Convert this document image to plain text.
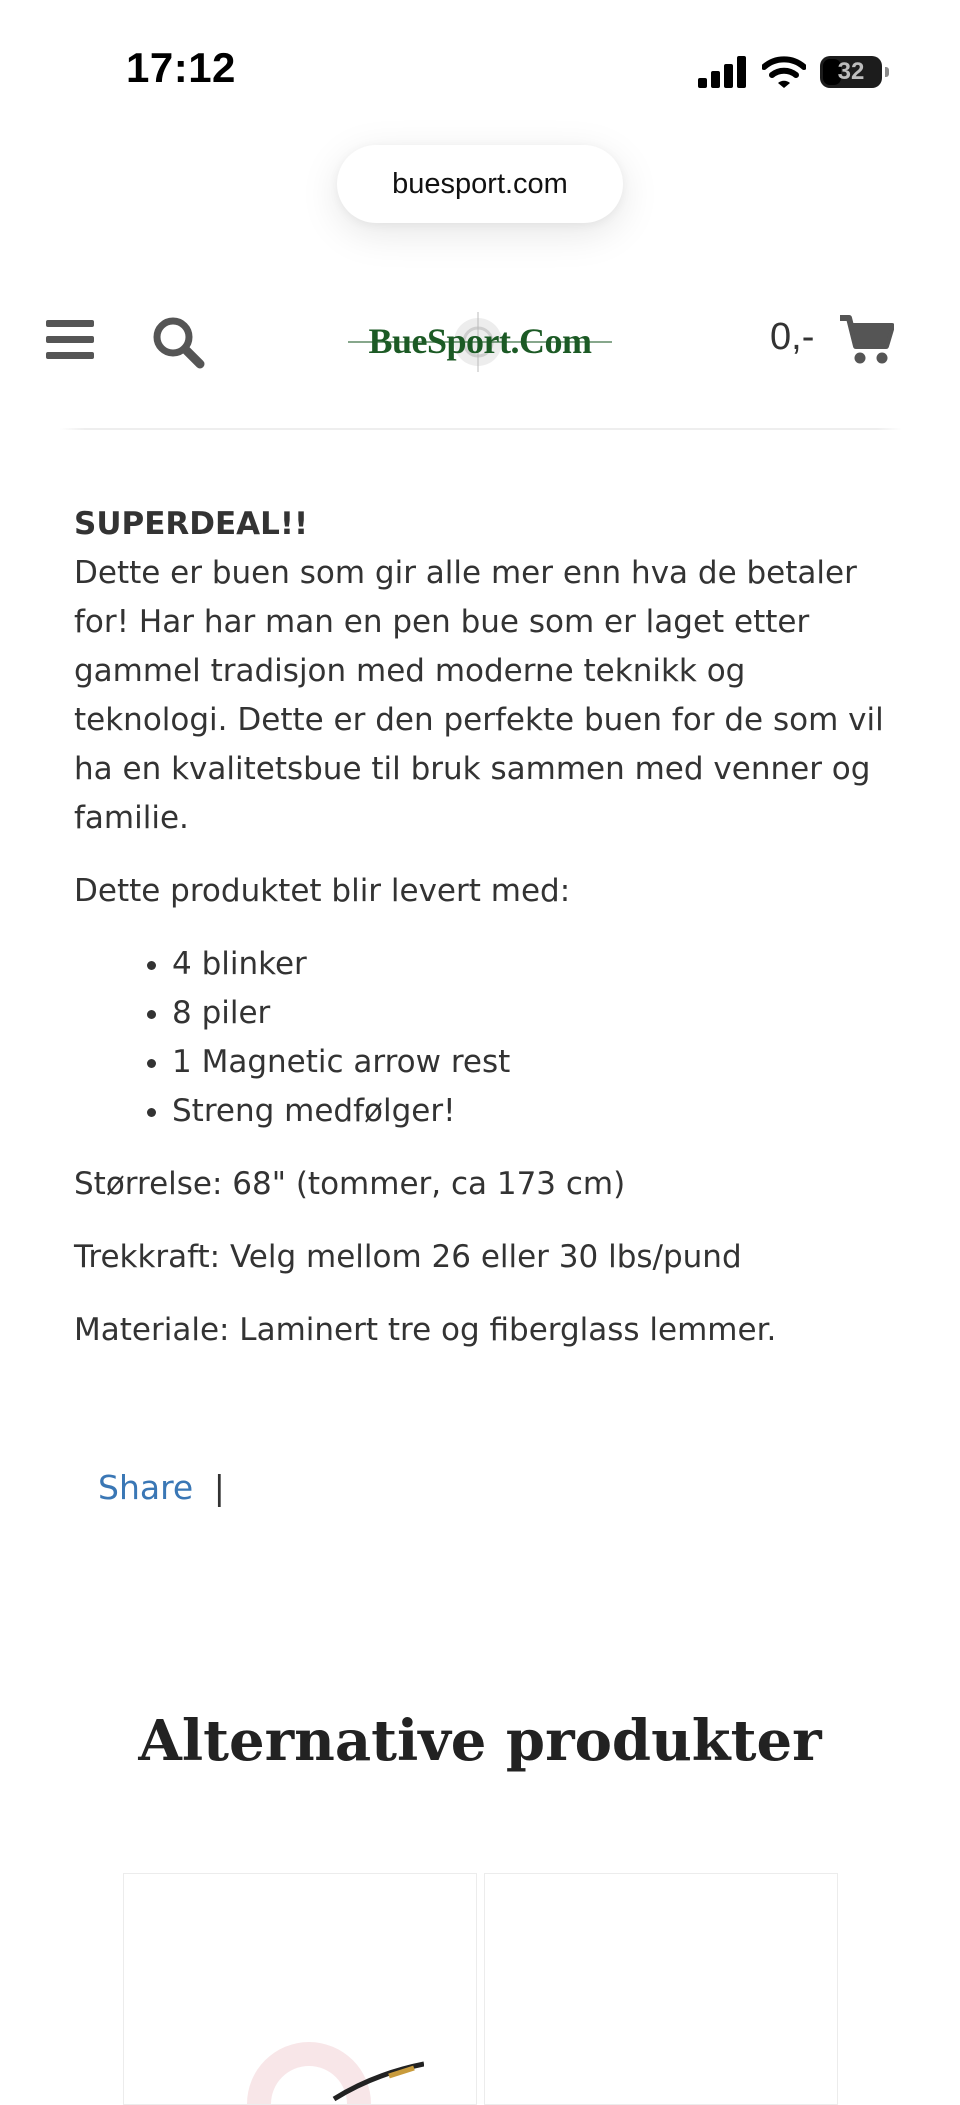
17:12	32
buesport.com
BueSport.Com	0,-

SUPERDEAL!!

Dette er buen som gir alle mer enn hva de betaler for! Har har man en pen bue som er laget etter gammel tradisjon med moderne teknikk og teknologi. Dette er den perfekte buen for de som vil ha en kvalitetsbue til bruk sammen med venner og familie.

Dette produktet blir levert med:

• 4 blinker
• 8 piler
• 1 Magnetic arrow rest
• Streng medfølger!

Størrelse: 68" (tommer, ca 173 cm)

Trekkraft: Velg mellom 26 eller 30 lbs/pund

Materiale: Laminert tre og fiberglass lemmer.

Share |
Alternative produkter
